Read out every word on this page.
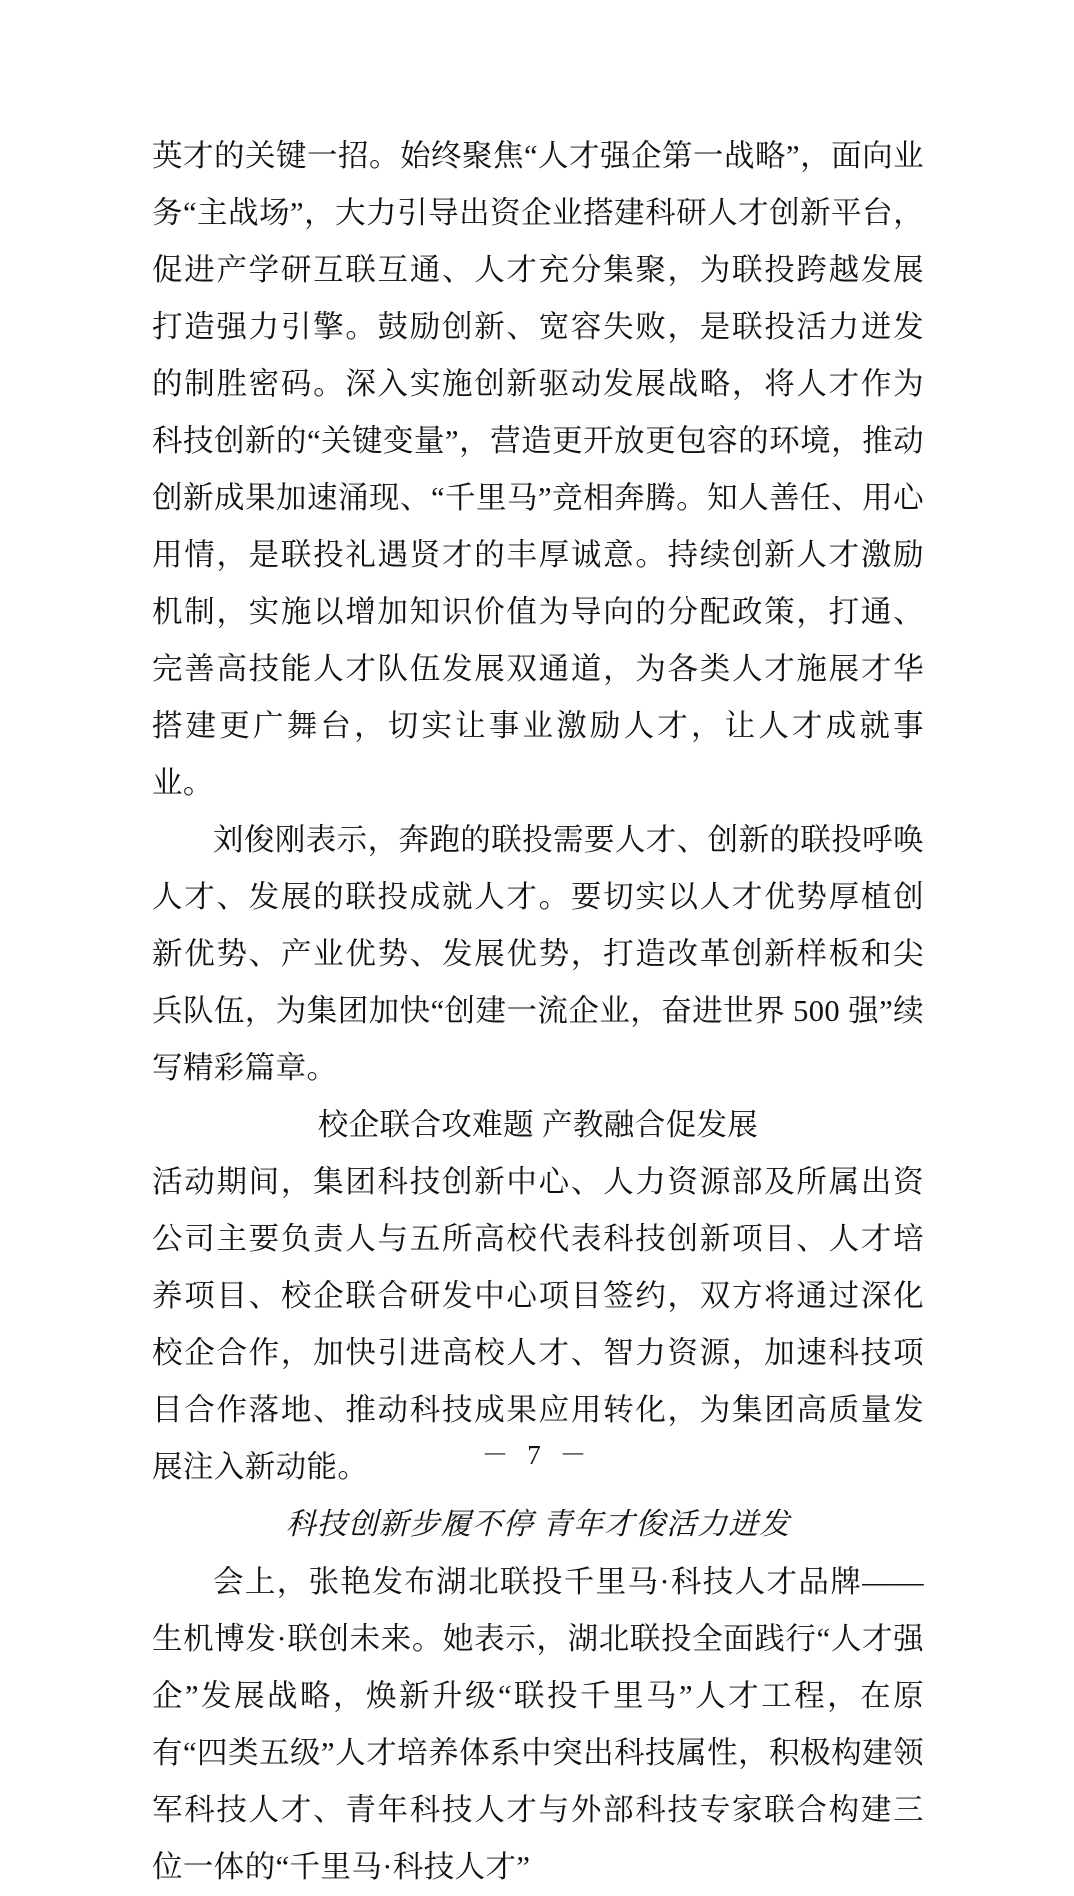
英才的关键一招。始终聚焦“人才强企第一战略”，面向业务“主战场”，大力引导出资企业搭建科研人才创新平台，促进产学研互联互通、人才充分集聚，为联投跨越发展打造强力引擎。鼓励创新、宽容失败，是联投活力迸发的制胜密码。深入实施创新驱动发展战略，将人才作为科技创新的“关键变量”，营造更开放更包容的环境，推动创新成果加速涌现、“千里马”竞相奔腾。知人善任、用心用情，是联投礼遇贤才的丰厚诚意。持续创新人才激励机制，实施以增加知识价值为导向的分配政策，打通、完善高技能人才队伍发展双通道，为各类人才施展才华搭建更广舞台，切实让事业激励人才，让人才成就事业。

刘俊刚表示，奔跑的联投需要人才、创新的联投呼唤人才、发展的联投成就人才。要切实以人才优势厚植创新优势、产业优势、发展优势，打造改革创新样板和尖兵队伍，为集团加快“创建一流企业，奋进世界 500 强”续写精彩篇章。

校企联合攻难题 产教融合促发展

活动期间，集团科技创新中心、人力资源部及所属出资公司主要负责人与五所高校代表科技创新项目、人才培养项目、校企联合研发中心项目签约，双方将通过深化校企合作，加快引进高校人才、智力资源，加速科技项目合作落地、推动科技成果应用转化，为集团高质量发展注入新动能。

科技创新步履不停 青年才俊活力迸发

会上，张艳发布湖北联投千里马·科技人才品牌——生机博发·联创未来。她表示，湖北联投全面践行“人才强企”发展战略，焕新升级“联投千里马”人才工程，在原有“四类五级”人才培养体系中突出科技属性，积极构建领军科技人才、青年科技人才与外部科技专家联合构建三位一体的“千里马·科技人才”

－ 7 －
